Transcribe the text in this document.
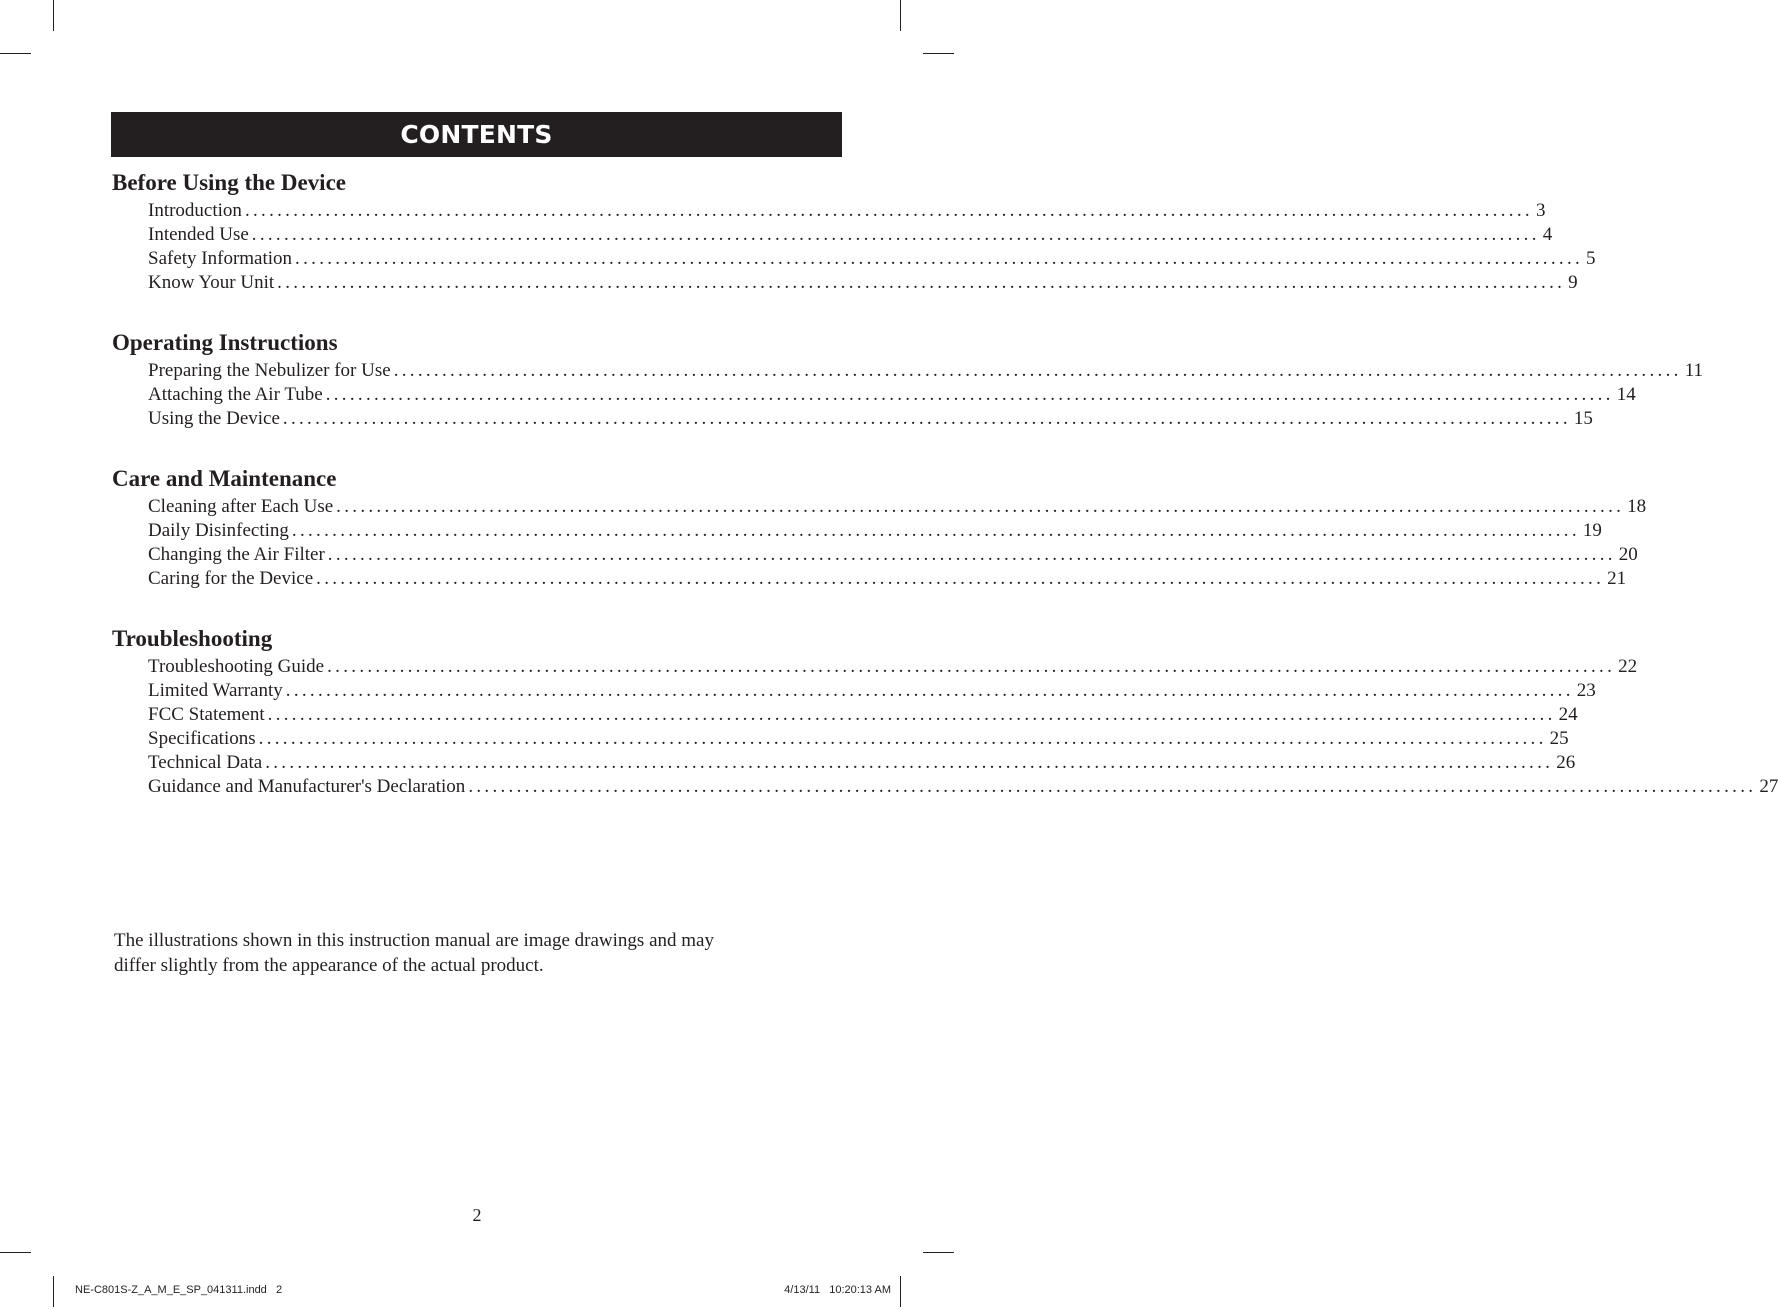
CONTENTS
Before Using the Device
Introduction ................................................................................................................................................................ 3
Intended Use ................................................................................................................................................................ 4
Safety Information ................................................................................................................................................................ 5
Know Your Unit ................................................................................................................................................................ 9
Operating Instructions
Preparing the Nebulizer for Use ................................................................................................................................................................ 11
Attaching the Air Tube ................................................................................................................................................................ 14
Using the Device ................................................................................................................................................................ 15
Care and Maintenance
Cleaning after Each Use ................................................................................................................................................................ 18
Daily Disinfecting ................................................................................................................................................................ 19
Changing the Air Filter ................................................................................................................................................................ 20
Caring for the Device ................................................................................................................................................................ 21
Troubleshooting
Troubleshooting Guide ................................................................................................................................................................ 22
Limited Warranty ................................................................................................................................................................ 23
FCC Statement ................................................................................................................................................................ 24
Specifications ................................................................................................................................................................ 25
Technical Data ................................................................................................................................................................ 26
Guidance and Manufacturer's Declaration ................................................................................................................................................................ 27
The illustrations shown in this instruction manual are image drawings and may
differ slightly from the appearance of the actual product.
2
NE-C801S-Z_A_M_E_SP_041311.indd   2	4/13/11   10:20:13 AM
